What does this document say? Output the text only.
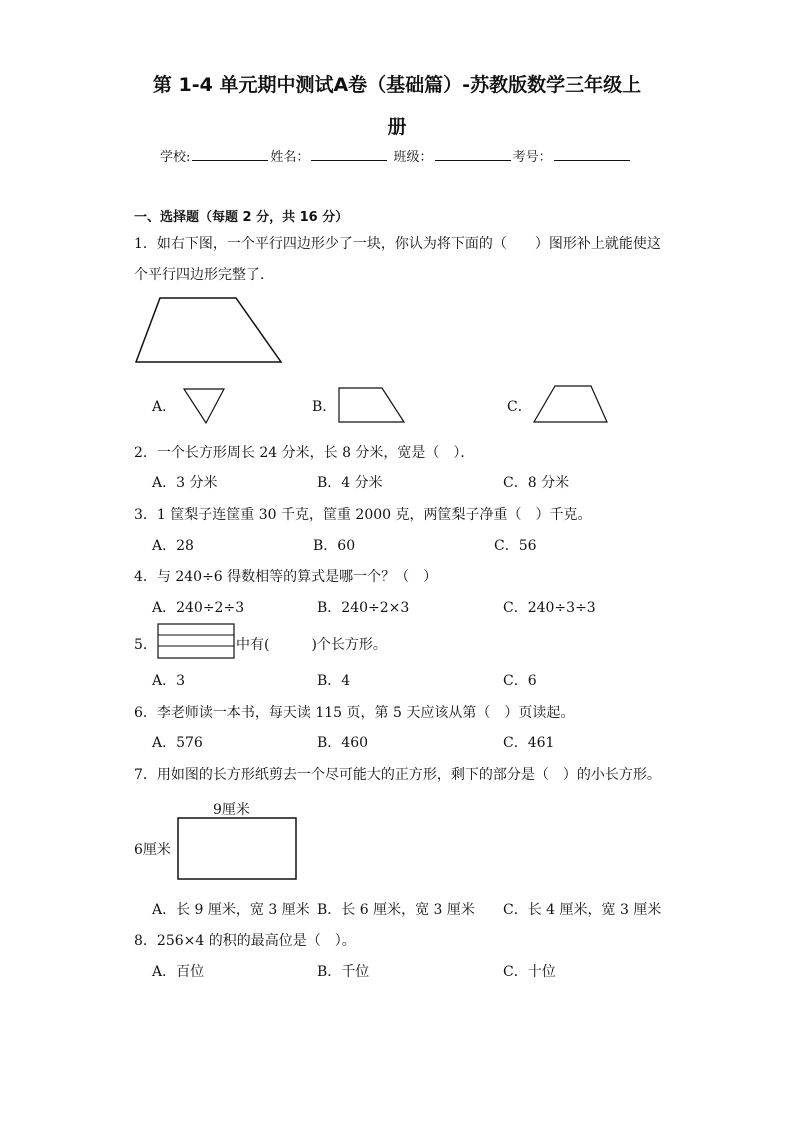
第 1-4 单元期中测试A卷（基础篇）-苏教版数学三年级上
册
学校:	姓名：	班级：	考号：
一、选择题（每题 2 分，共 16 分）
1．如右下图，一个平行四边形少了一块，你认为将下面的（　　）图形补上就能使这
个平行四边形完整了．
A．	B．	C．
2．一个长方形周长 24 分米，长 8 分米，宽是（　）．
A．3 分米	B．4 分米	C．8 分米
3．1 筐梨子连筐重 30 千克，筐重 2000 克，两筐梨子净重（　）千克。
A．28	B．60	C．56
4．与 240÷6 得数相等的算式是哪一个？（　）
A．240÷2÷3	B．240÷2×3	C．240÷3÷3
5．	中有(　　　)个长方形。
A．3	B．4	C．6
6．李老师读一本书，每天读 115 页，第 5 天应该从第（　）页读起。
A．576	B．460	C．461
7．用如图的长方形纸剪去一个尽可能大的正方形，剩下的部分是（　）的小长方形。
9厘米
6厘米
A．长 9 厘米，宽 3 厘米 B．长 6 厘米，宽 3 厘米 C．长 4 厘米，宽 3 厘米
8．256×4 的积的最高位是（　）。
A．百位	B．千位	C．十位
